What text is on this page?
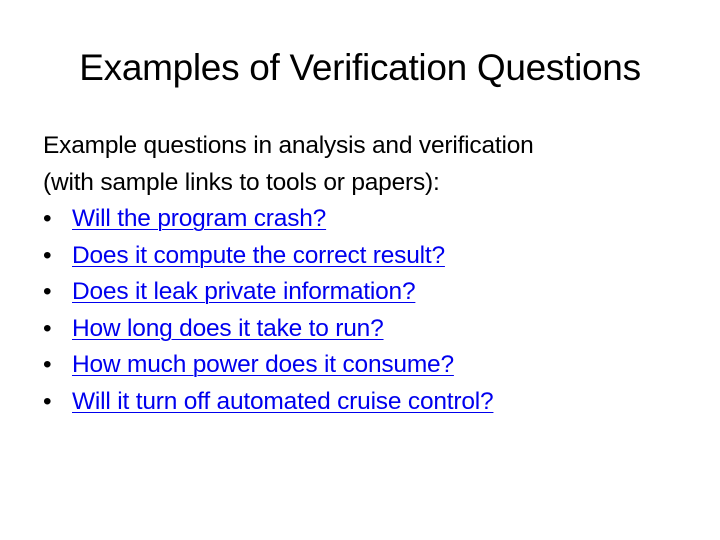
Examples of Verification Questions
Example questions in analysis and verification
(with sample links to tools or papers):
• Will the program crash?
• Does it compute the correct result?
• Does it leak private information?
• How long does it take to run?
• How much power does it consume?
• Will it turn off automated cruise control?
